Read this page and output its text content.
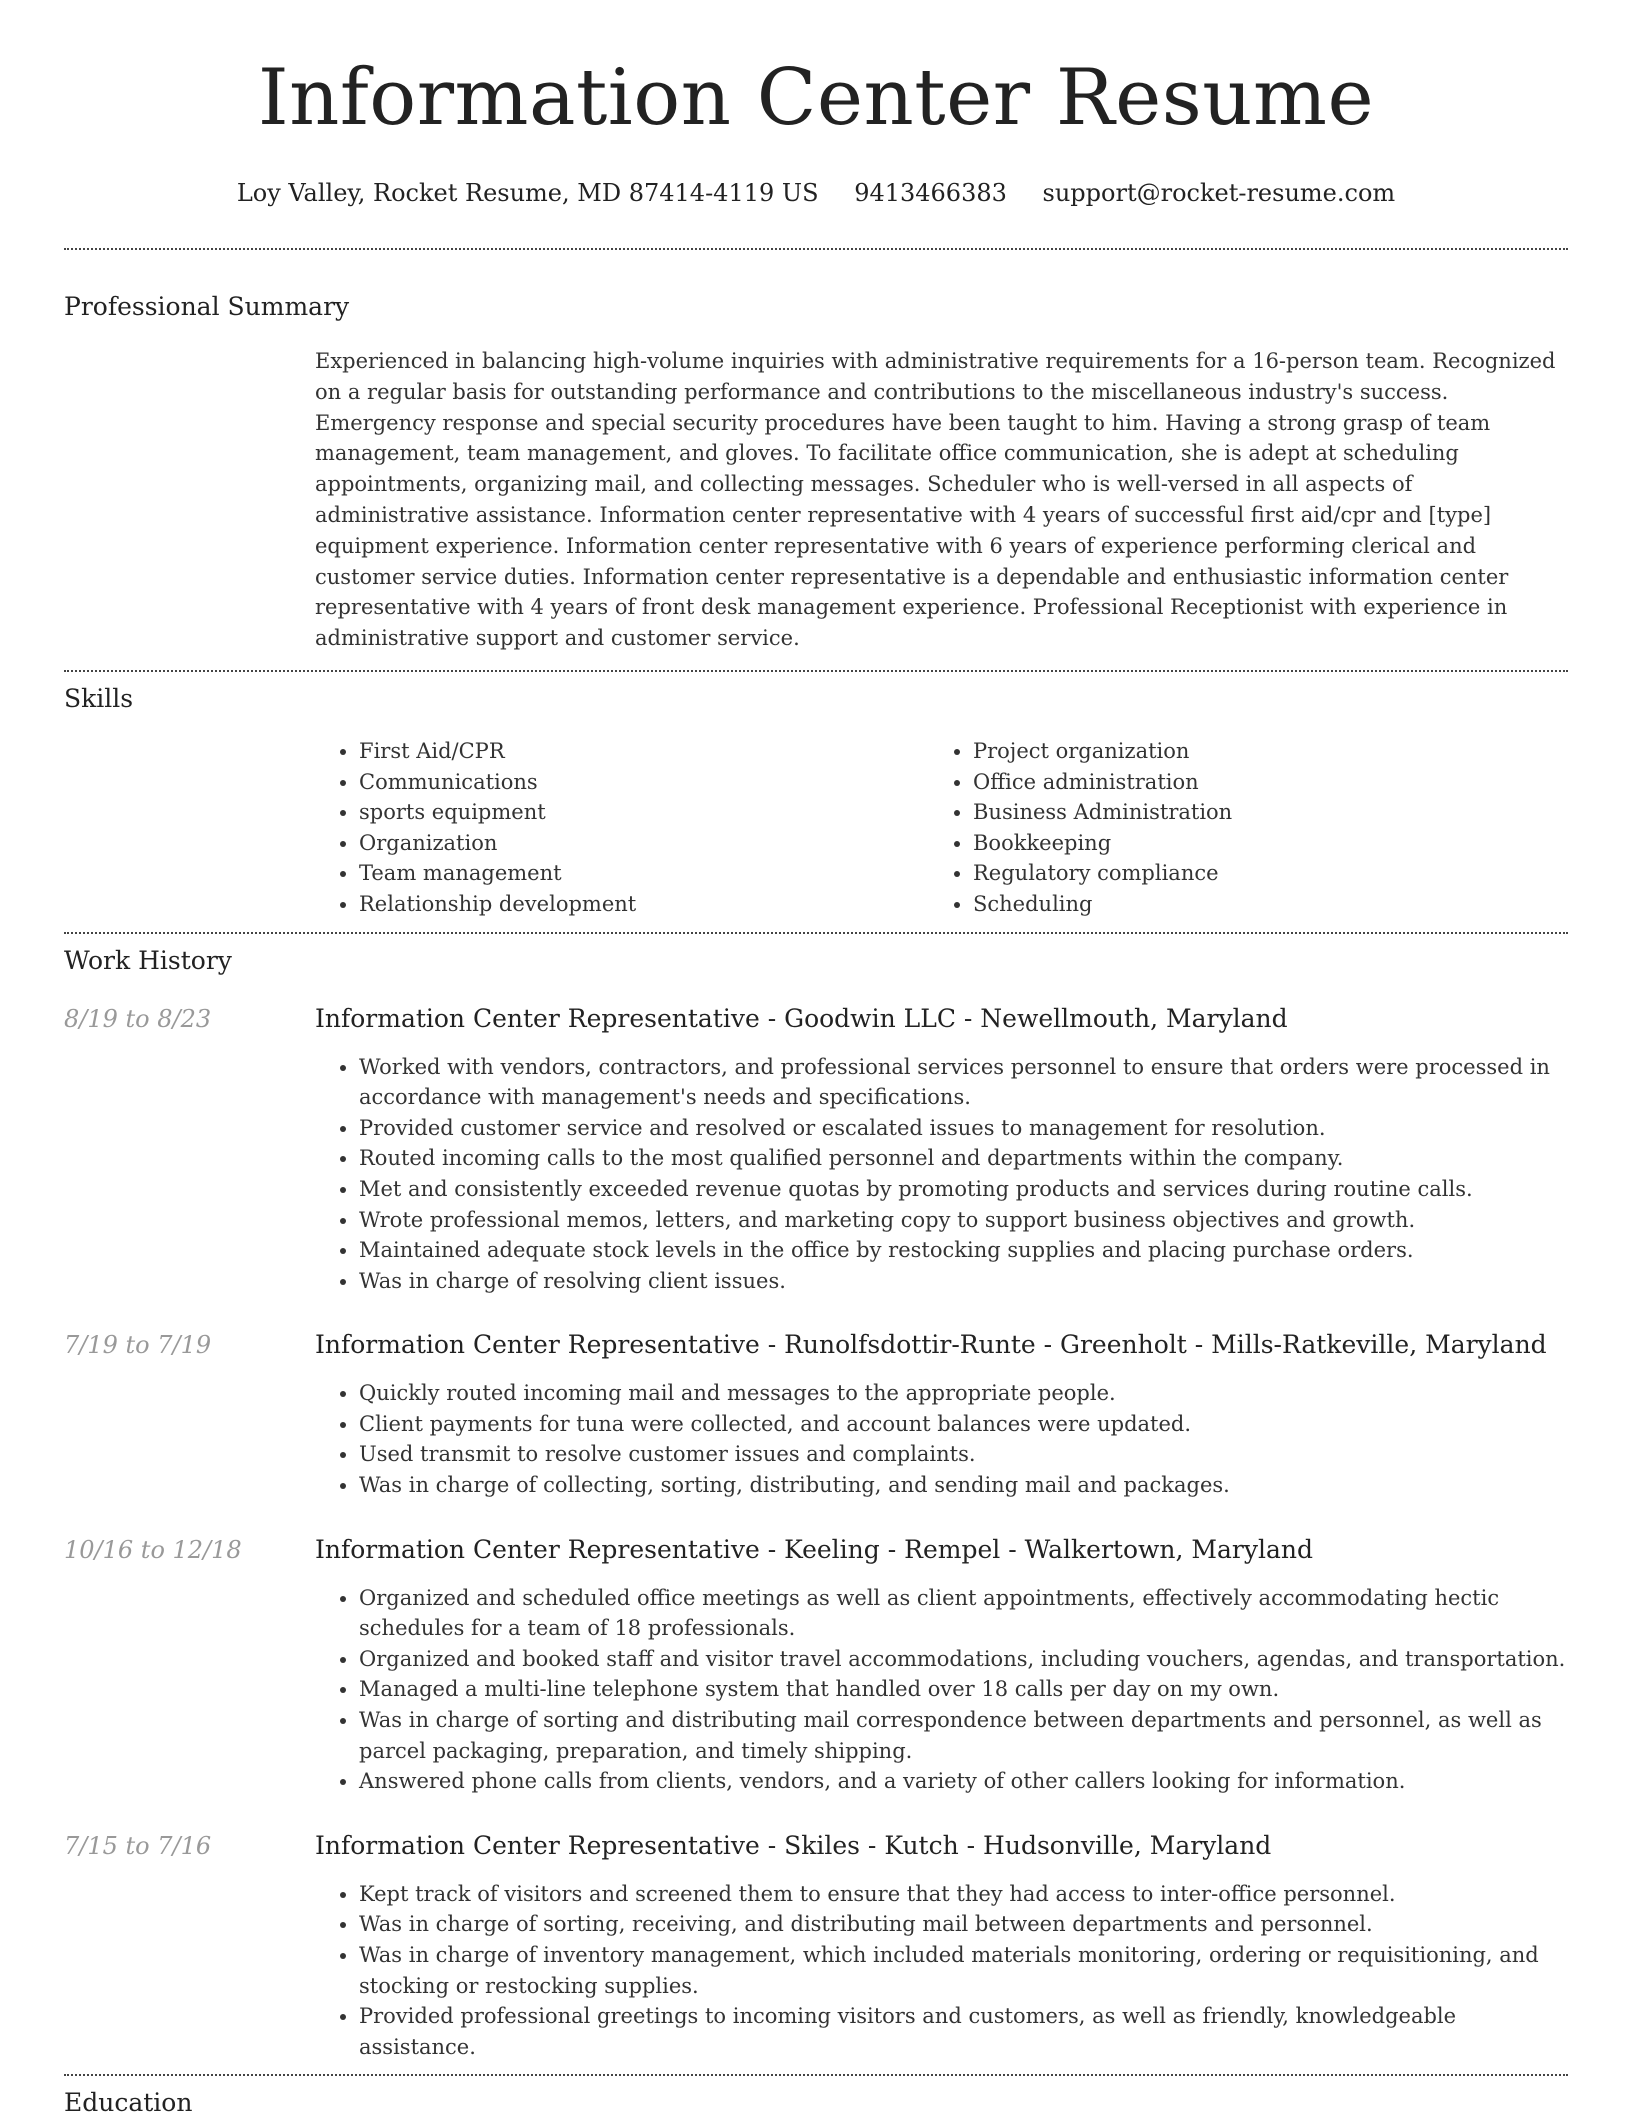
Information Center Resume
Loy Valley, Rocket Resume, MD 87414-4119 US 9413466383 support@rocket-resume.com
Professional Summary

Experienced in balancing high-volume inquiries with administrative requirements for a 16-person team. Recognized on a regular basis for outstanding performance and contributions to the miscellaneous industry's success. Emergency response and special security procedures have been taught to him. Having a strong grasp of team management, team management, and gloves. To facilitate office communication, she is adept at scheduling appointments, organizing mail, and collecting messages. Scheduler who is well-versed in all aspects of administrative assistance. Information center representative with 4 years of successful first aid/cpr and [type] equipment experience. Information center representative with 6 years of experience performing clerical and customer service duties. Information center representative is a dependable and enthusiastic information center representative with 4 years of front desk management experience. Professional Receptionist with experience in administrative support and customer service.

Skills
• First Aid/CPR
• Communications
• sports equipment
• Organization
• Team management
• Relationship development
• Project organization
• Office administration
• Business Administration
• Bookkeeping
• Regulatory compliance
• Scheduling
Work History
8/19 to 8/23	Information Center Representative - Goodwin LLC - Newellmouth, Maryland
• Worked with vendors, contractors, and professional services personnel to ensure that orders were processed in accordance with management's needs and specifications.
• Provided customer service and resolved or escalated issues to management for resolution.
• Routed incoming calls to the most qualified personnel and departments within the company.
• Met and consistently exceeded revenue quotas by promoting products and services during routine calls.
• Wrote professional memos, letters, and marketing copy to support business objectives and growth.
• Maintained adequate stock levels in the office by restocking supplies and placing purchase orders.
• Was in charge of resolving client issues.
7/19 to 7/19	Information Center Representative - Runolfsdottir-Runte - Greenholt - Mills-Ratkeville, Maryland
• Quickly routed incoming mail and messages to the appropriate people.
• Client payments for tuna were collected, and account balances were updated.
• Used transmit to resolve customer issues and complaints.
• Was in charge of collecting, sorting, distributing, and sending mail and packages.
10/16 to 12/18	Information Center Representative - Keeling - Rempel - Walkertown, Maryland
• Organized and scheduled office meetings as well as client appointments, effectively accommodating hectic schedules for a team of 18 professionals.
• Organized and booked staff and visitor travel accommodations, including vouchers, agendas, and transportation.
• Managed a multi-line telephone system that handled over 18 calls per day on my own.
• Was in charge of sorting and distributing mail correspondence between departments and personnel, as well as parcel packaging, preparation, and timely shipping.
• Answered phone calls from clients, vendors, and a variety of other callers looking for information.
7/15 to 7/16	Information Center Representative - Skiles - Kutch - Hudsonville, Maryland
• Kept track of visitors and screened them to ensure that they had access to inter-office personnel.
• Was in charge of sorting, receiving, and distributing mail between departments and personnel.
• Was in charge of inventory management, which included materials monitoring, ordering or requisitioning, and stocking or restocking supplies.
• Provided professional greetings to incoming visitors and customers, as well as friendly, knowledgeable assistance.
Education
